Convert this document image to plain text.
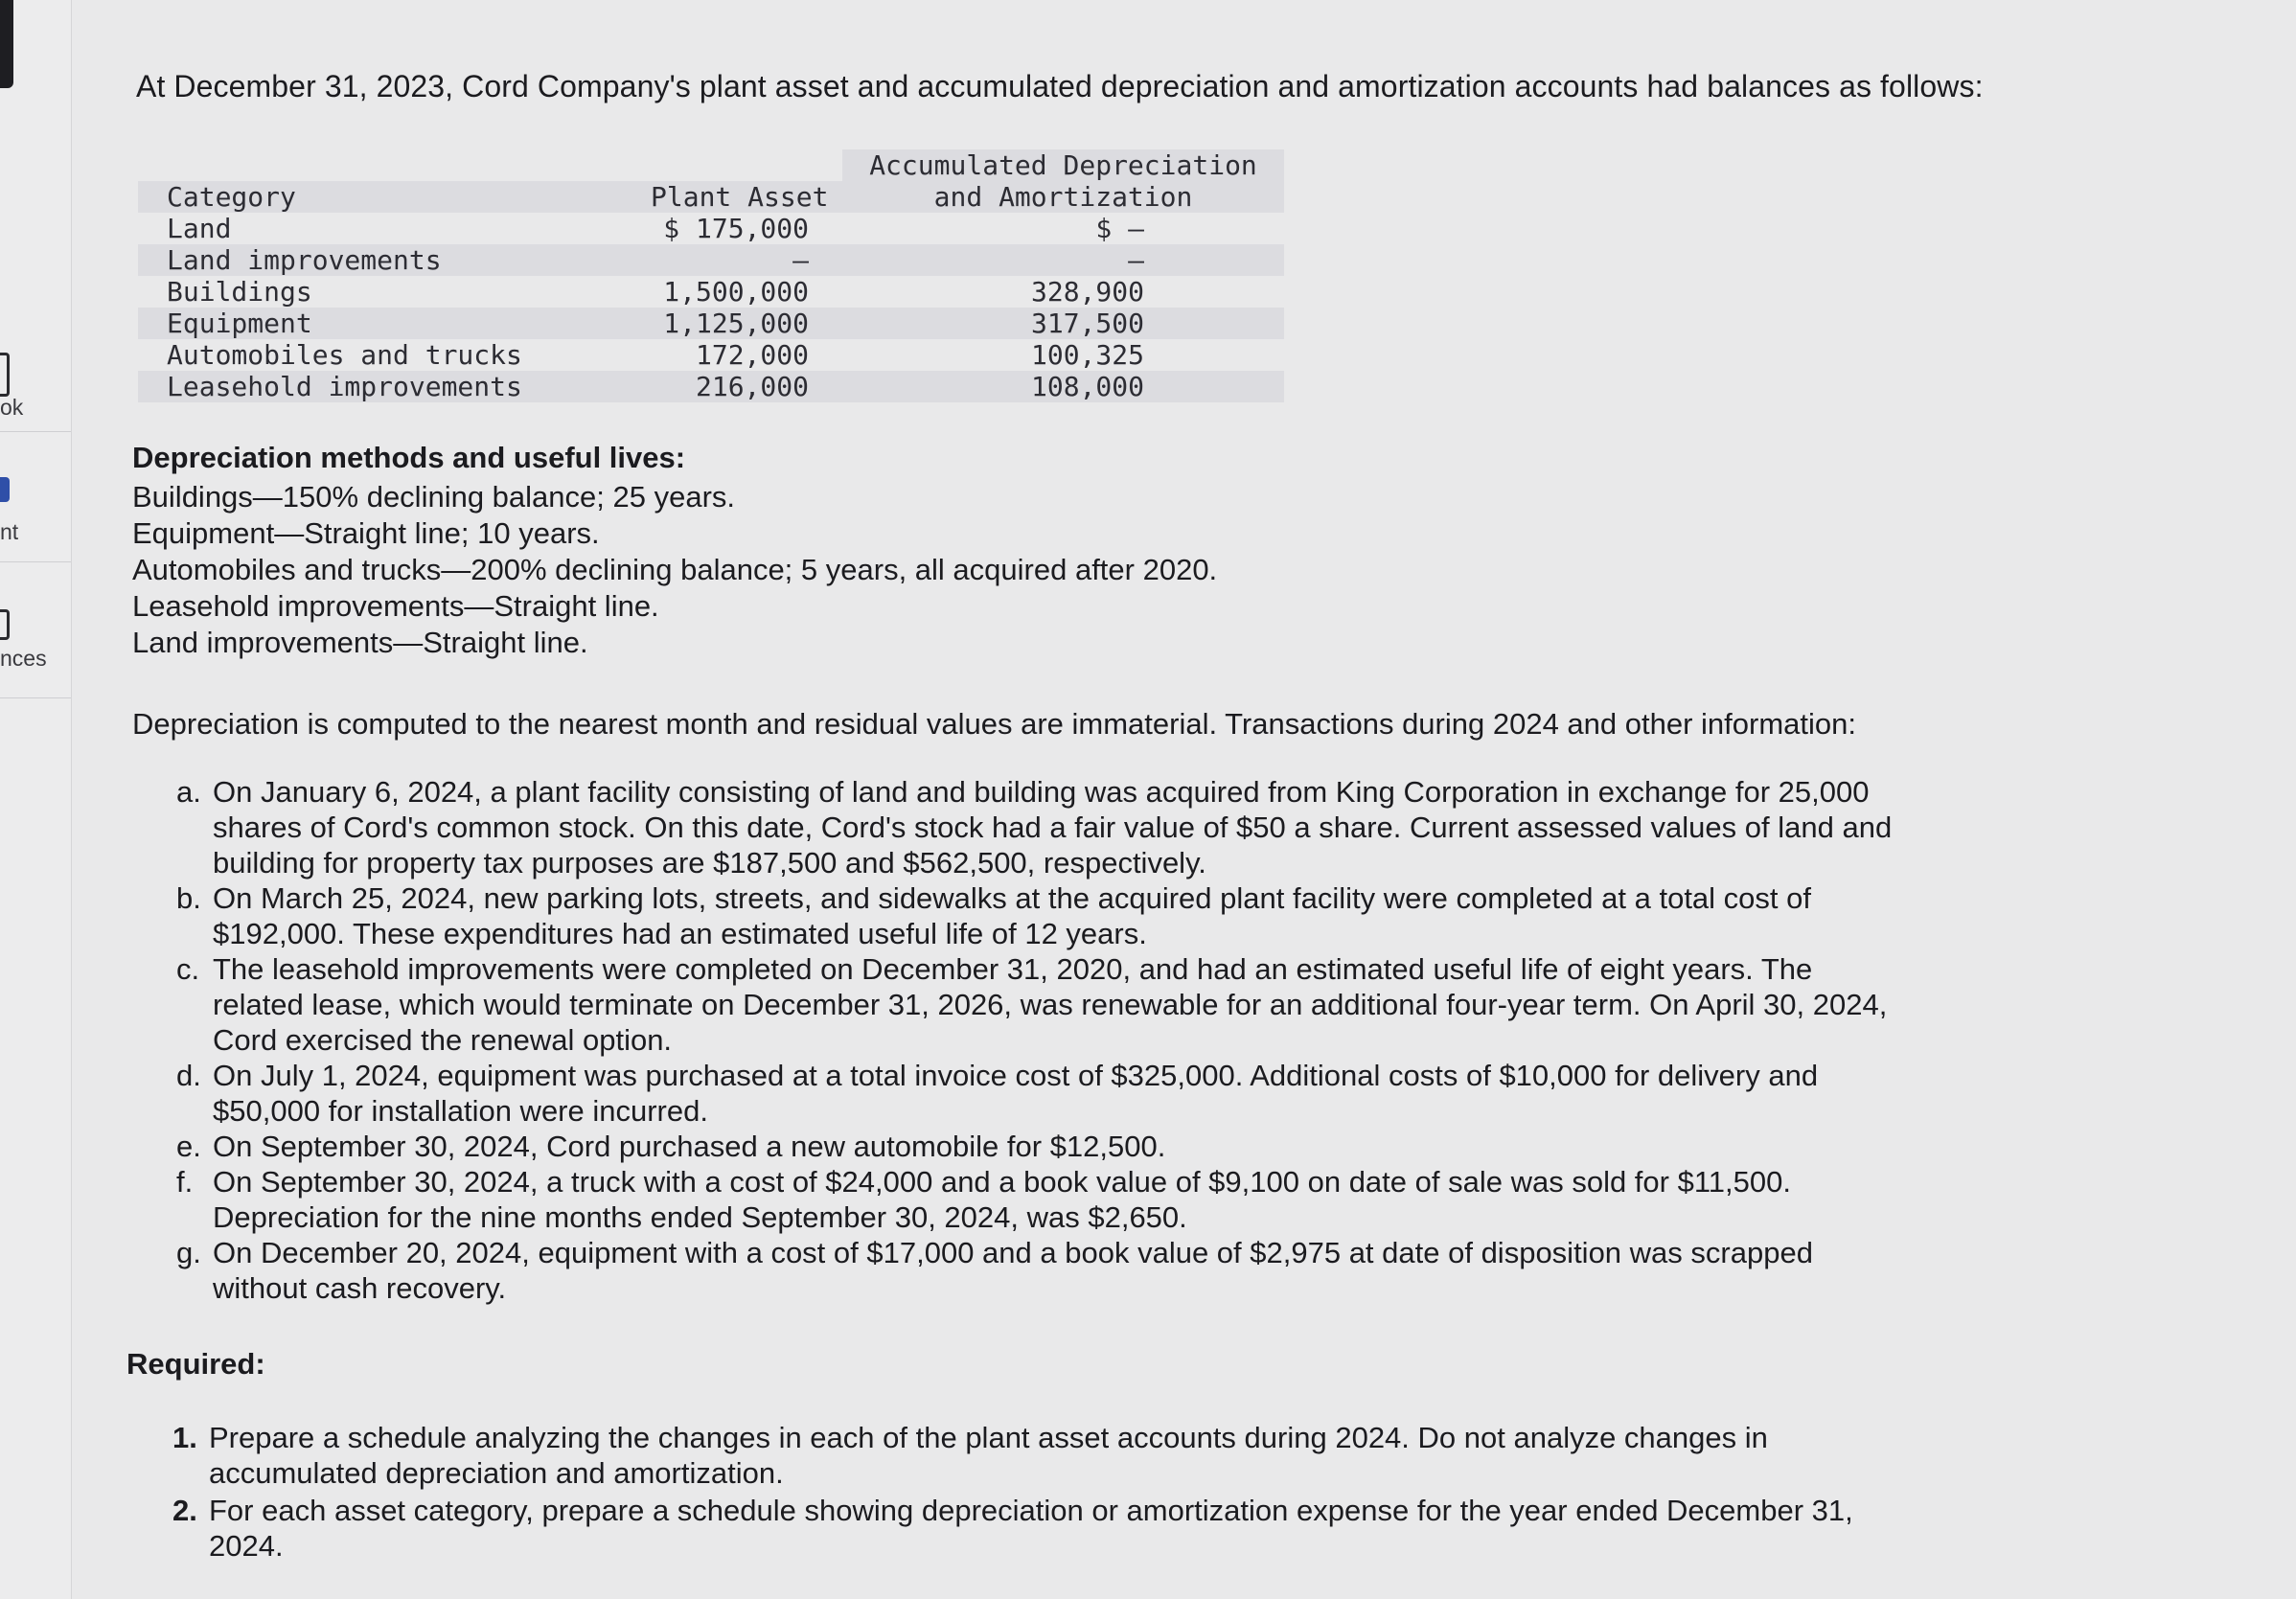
ok
nt
nces
At December 31, 2023, Cord Company's plant asset and accumulated depreciation and amortization accounts had balances as follows:
Accumulated Depreciation
Category	Plant Asset	and Amortization
Land	$ 175,000	$ —
Land improvements	—	—
Buildings	1,500,000	328,900
Equipment	1,125,000	317,500
Automobiles and trucks	172,000	100,325
Leasehold improvements	216,000	108,000
Depreciation methods and useful lives:
Buildings—150% declining balance; 25 years.
Equipment—Straight line; 10 years.
Automobiles and trucks—200% declining balance; 5 years, all acquired after 2020.
Leasehold improvements—Straight line.
Land improvements—Straight line.
Depreciation is computed to the nearest month and residual values are immaterial. Transactions during 2024 and other information:
a. On January 6, 2024, a plant facility consisting of land and building was acquired from King Corporation in exchange for 25,000
shares of Cord's common stock. On this date, Cord's stock had a fair value of $50 a share. Current assessed values of land and
building for property tax purposes are $187,500 and $562,500, respectively.
b. On March 25, 2024, new parking lots, streets, and sidewalks at the acquired plant facility were completed at a total cost of
$192,000. These expenditures had an estimated useful life of 12 years.
c. The leasehold improvements were completed on December 31, 2020, and had an estimated useful life of eight years. The
related lease, which would terminate on December 31, 2026, was renewable for an additional four-year term. On April 30, 2024,
Cord exercised the renewal option.
d. On July 1, 2024, equipment was purchased at a total invoice cost of $325,000. Additional costs of $10,000 for delivery and
$50,000 for installation were incurred.
e. On September 30, 2024, Cord purchased a new automobile for $12,500.
f. On September 30, 2024, a truck with a cost of $24,000 and a book value of $9,100 on date of sale was sold for $11,500.
Depreciation for the nine months ended September 30, 2024, was $2,650.
g. On December 20, 2024, equipment with a cost of $17,000 and a book value of $2,975 at date of disposition was scrapped
without cash recovery.
Required:
1. Prepare a schedule analyzing the changes in each of the plant asset accounts during 2024. Do not analyze changes in
accumulated depreciation and amortization.
2. For each asset category, prepare a schedule showing depreciation or amortization expense for the year ended December 31,
2024.
